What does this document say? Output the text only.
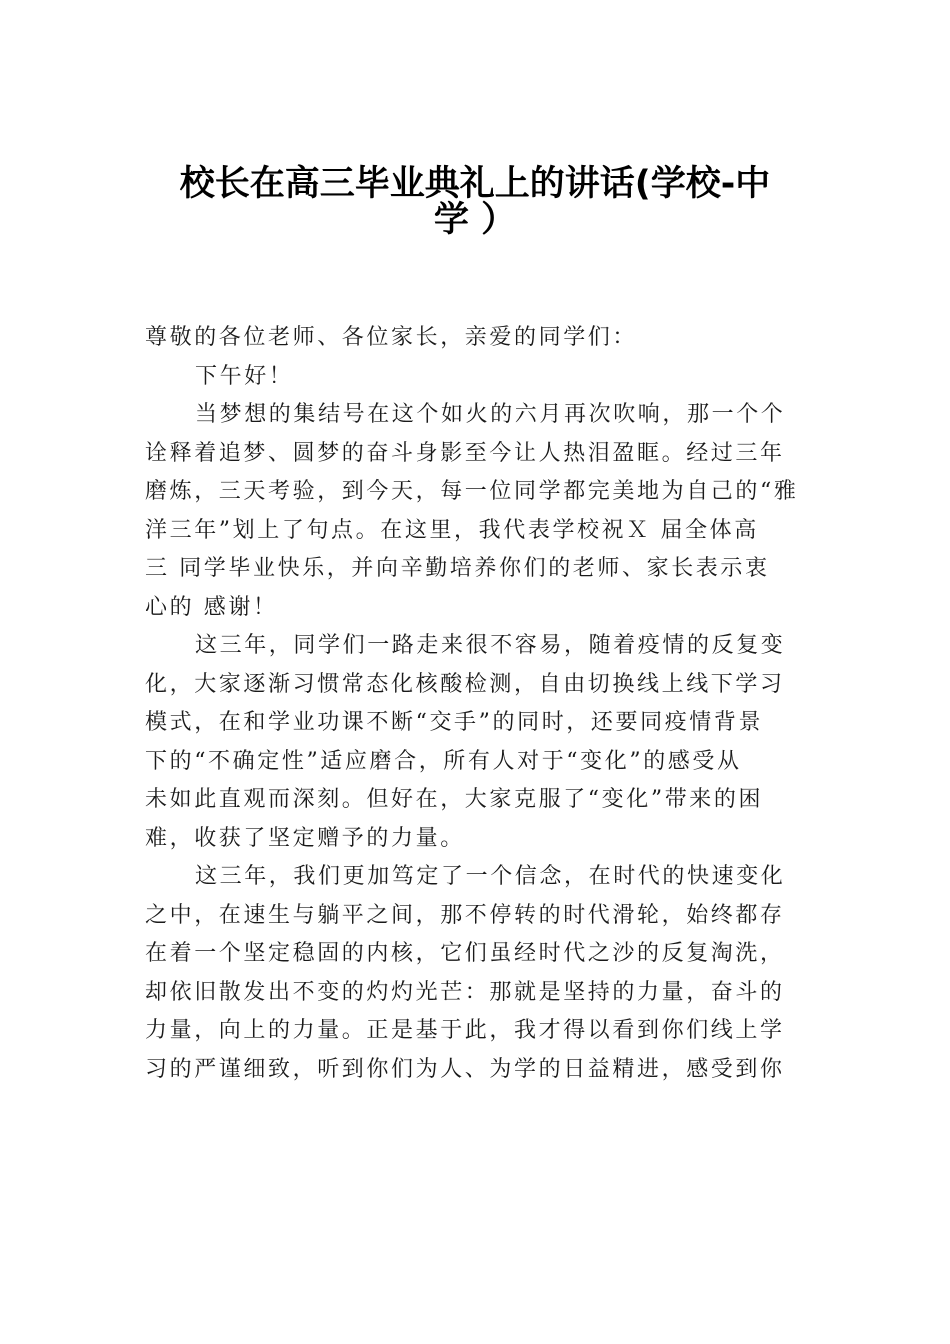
校长在高三毕业典礼上的讲话(学校-中
学 ）
尊敬的各位老师、各位家长，亲爱的同学们：
下午好！
当梦想的集结号在这个如火的六月再次吹响，那一个个
诠释着追梦、圆梦的奋斗身影至今让人热泪盈眶。经过三年
磨炼，三天考验，到今天，每一位同学都完美地为自己的“雅
洋三年”划上了句点。在这里，我代表学校祝Ｘ 届全体高
三 同学毕业快乐，并向辛勤培养你们的老师、家长表示衷
心的 感谢！
这三年，同学们一路走来很不容易，随着疫情的反复变
化，大家逐渐习惯常态化核酸检测，自由切换线上线下学习
模式，在和学业功课不断“交手”的同时，还要同疫情背景
下的“不确定性”适应磨合，所有人对于“变化”的感受从
未如此直观而深刻。但好在，大家克服了“变化”带来的困
难，收获了坚定赠予的力量。
这三年，我们更加笃定了一个信念，在时代的快速变化
之中，在速生与躺平之间，那不停转的时代滑轮，始终都存
在着一个坚定稳固的内核，它们虽经时代之沙的反复淘洗，
却依旧散发出不变的灼灼光芒：那就是坚持的力量，奋斗的
力量，向上的力量。正是基于此，我才得以看到你们线上学
习的严谨细致，听到你们为人、为学的日益精进，感受到你
